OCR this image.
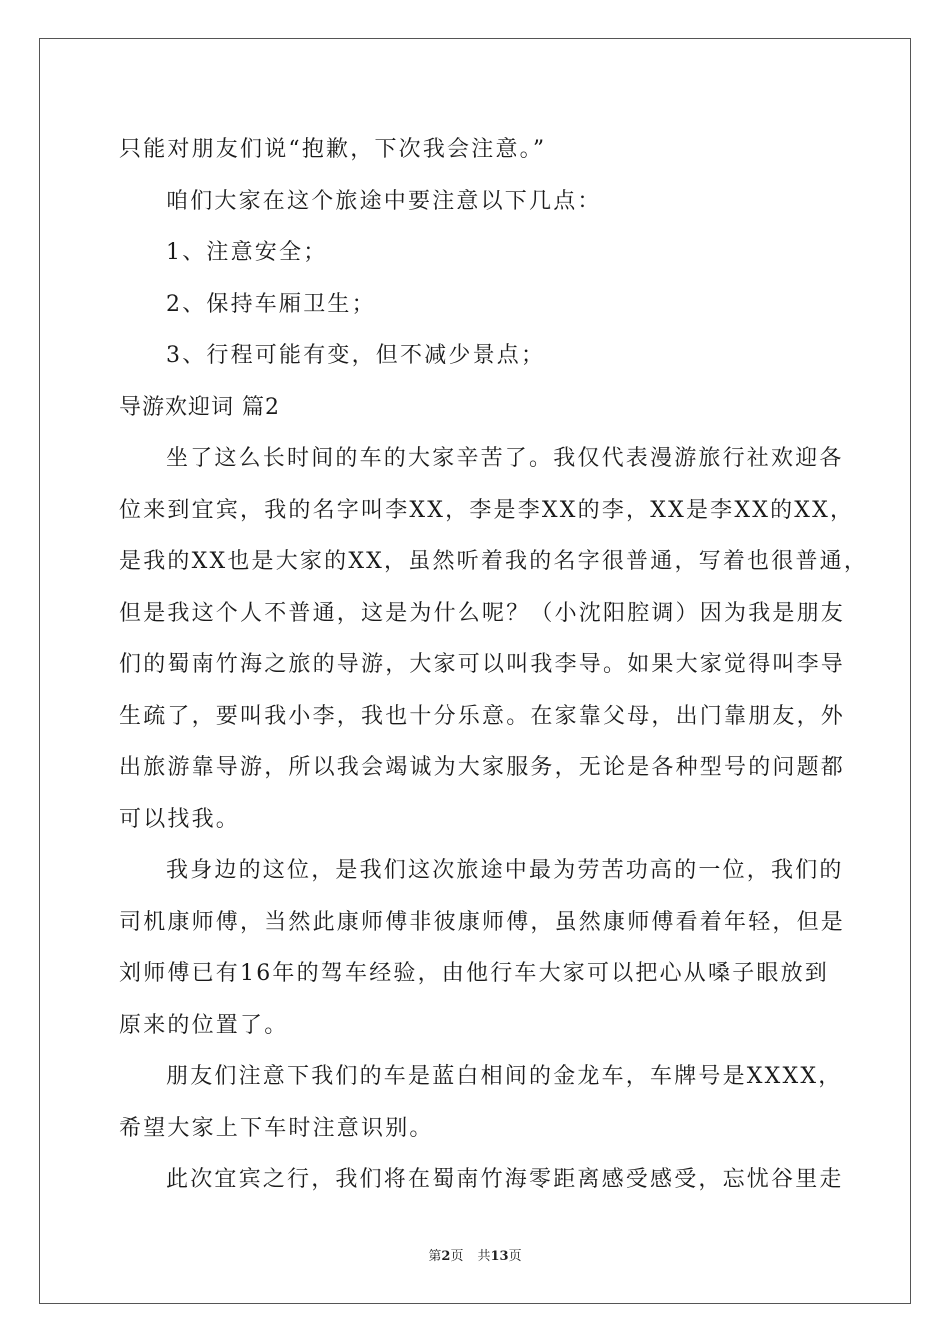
只能对朋友们说“抱歉，下次我会注意。”
咱们大家在这个旅途中要注意以下几点：
1、注意安全；
2、保持车厢卫生；
3、行程可能有变，但不减少景点；
导游欢迎词 篇2
坐了这么长时间的车的大家辛苦了。我仅代表漫游旅行社欢迎各
位来到宜宾，我的名字叫李XX，李是李XX的李，XX是李XX的XX，
是我的XX也是大家的XX，虽然听着我的名字很普通，写着也很普通，
但是我这个人不普通，这是为什么呢？（小沈阳腔调）因为我是朋友
们的蜀南竹海之旅的导游，大家可以叫我李导。如果大家觉得叫李导
生疏了，要叫我小李，我也十分乐意。在家靠父母，出门靠朋友，外
出旅游靠导游，所以我会竭诚为大家服务，无论是各种型号的问题都
可以找我。
我身边的这位，是我们这次旅途中最为劳苦功高的一位，我们的
司机康师傅，当然此康师傅非彼康师傅，虽然康师傅看着年轻，但是
刘师傅已有16年的驾车经验，由他行车大家可以把心从嗓子眼放到
原来的位置了。
朋友们注意下我们的车是蓝白相间的金龙车，车牌号是XXXX，
希望大家上下车时注意识别。
此次宜宾之行，我们将在蜀南竹海零距离感受感受，忘忧谷里走
第2页 共13页
